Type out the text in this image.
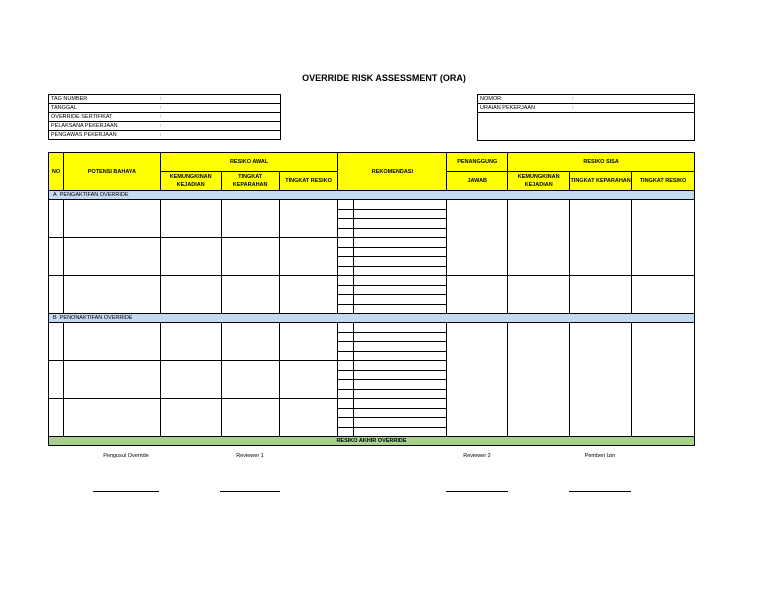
OVERRIDE RISK ASSESSMENT (ORA)
TAG NUMBER	:
TANGGAL	:
OVERRIDE SERTIFIKAT	:
PELAKSANA PEKERJAAN	:
PENGAWAS PEKERJAAN	:
NOMOR	:
URAIAN PEKERJAAN	:

NO	POTENSI BAHAYA	RESIKO AWAL			REKOMENDASI	PENANGGUNG	RESIKO SISA		
		KEMUNGKINAN KEJADIAN	TINGKAT KEPARAHAN	TINGKAT RESIKO		JAWAB	KEMUNGKINAN KEJADIAN	TINGKAT KEPARAHAN	TINGKAT RESIKO
A PENGAKTIFAN OVERRIDE									

B PENONAKTIFAN OVERRIDE									

RESIKO AKHIR OVERRIDE									
Pengusul Override	Reviewer 1	Reviewer 2	Pemberi Izin
